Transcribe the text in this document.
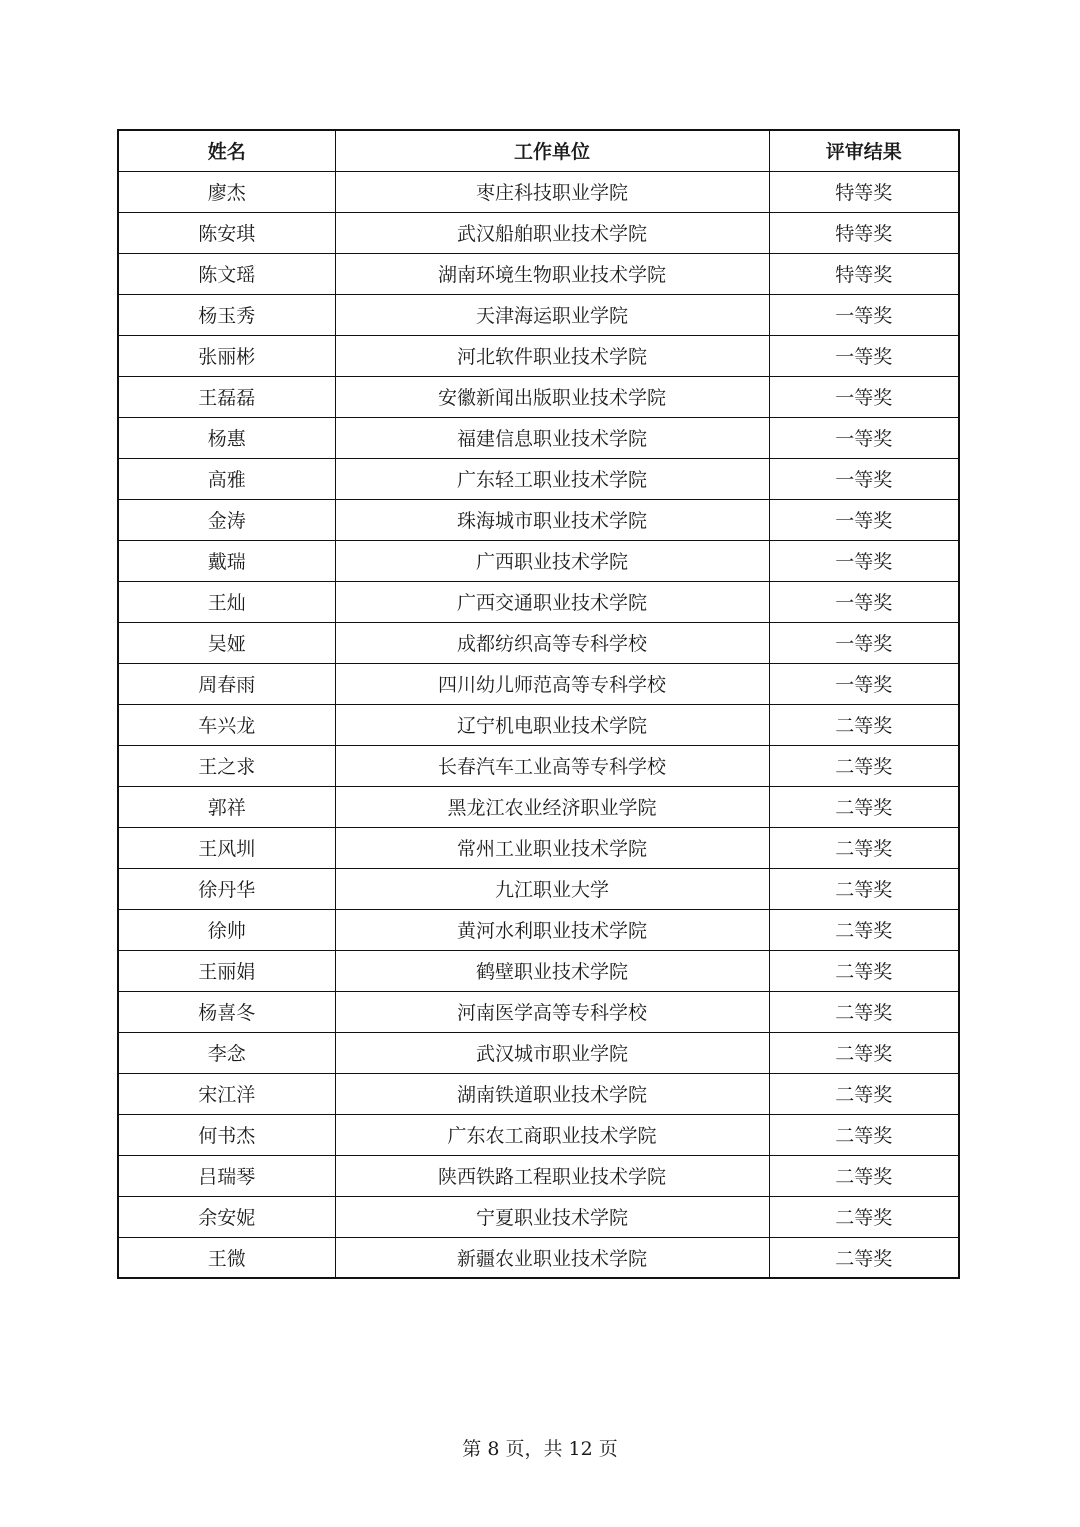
姓名	工作单位	评审结果
廖杰	枣庄科技职业学院	特等奖
陈安琪	武汉船舶职业技术学院	特等奖
陈文瑶	湖南环境生物职业技术学院	特等奖
杨玉秀	天津海运职业学院	一等奖
张丽彬	河北软件职业技术学院	一等奖
王磊磊	安徽新闻出版职业技术学院	一等奖
杨惠	福建信息职业技术学院	一等奖
高雅	广东轻工职业技术学院	一等奖
金涛	珠海城市职业技术学院	一等奖
戴瑞	广西职业技术学院	一等奖
王灿	广西交通职业技术学院	一等奖
吴娅	成都纺织高等专科学校	一等奖
周春雨	四川幼儿师范高等专科学校	一等奖
车兴龙	辽宁机电职业技术学院	二等奖
王之求	长春汽车工业高等专科学校	二等奖
郭祥	黑龙江农业经济职业学院	二等奖
王风圳	常州工业职业技术学院	二等奖
徐丹华	九江职业大学	二等奖
徐帅	黄河水利职业技术学院	二等奖
王丽娟	鹤壁职业技术学院	二等奖
杨喜冬	河南医学高等专科学校	二等奖
李念	武汉城市职业学院	二等奖
宋江洋	湖南铁道职业技术学院	二等奖
何书杰	广东农工商职业技术学院	二等奖
吕瑞琴	陕西铁路工程职业技术学院	二等奖
余安妮	宁夏职业技术学院	二等奖
王微	新疆农业职业技术学院	二等奖
第 8 页，共 12 页
